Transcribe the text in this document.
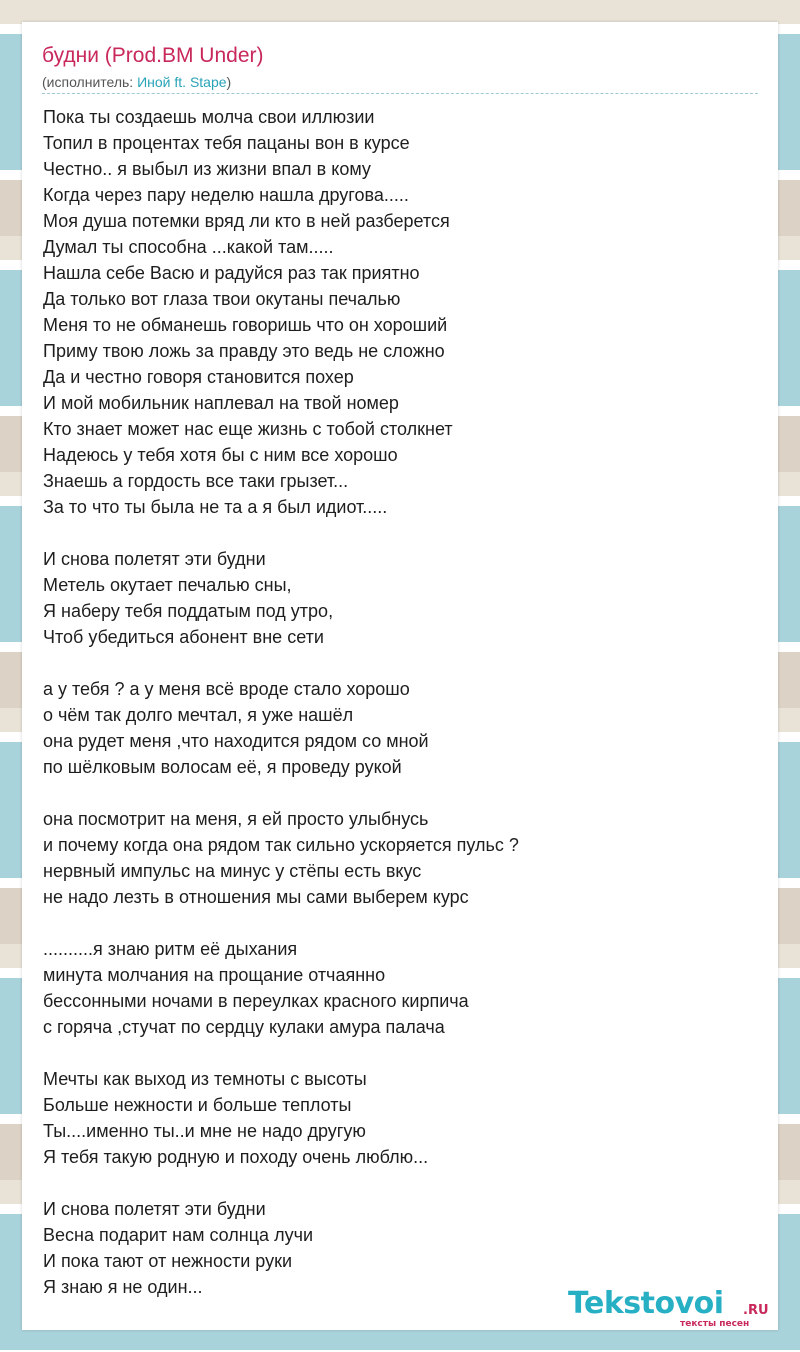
будни (Prod.BM Under)
(исполнитель: Иной ft. Stape)
Пока ты создаешь молча свои иллюзии
Топил в процентах тебя пацаны вон в курсе
Честно.. я выбыл из жизни впал в кому
Когда через пару неделю нашла другова.....
Моя душа потемки вряд ли кто в ней разберется
Думал ты способна ...какой там.....
Нашла себе Васю и радуйся раз так приятно
Да только вот глаза твои окутаны печалью
Меня то не обманешь говоришь что он хороший
Приму твою ложь за правду это ведь не сложно
Да и честно говоря становится похер
И мой мобильник наплевал на твой номер
Кто знает может нас еще жизнь с тобой столкнет
Надеюсь у тебя хотя бы с ним все хорошо
Знаешь а гордость все таки грызет...
За то что ты была не та а я был идиот.....
И снова полетят эти будни
Метель окутает печалью сны,
Я наберу тебя поддатым под утро,
Чтоб убедиться абонент вне сети
а у тебя ? а у меня всё вроде стало хорошо
о чём так долго мечтал, я уже нашёл
она рудет меня ,что находится рядом со мной
по шёлковым волосам её, я проведу рукой
она посмотрит на меня, я ей просто улыбнусь
и почему когда она рядом так сильно ускоряется пульс ?
нервный импульс на минус у стёпы есть вкус
не надо лезть в отношения мы сами выберем курс
..........я знаю ритм её дыхания
минута молчания на прощание отчаянно
бессонными ночами в переулках красного кирпича
с горяча ,стучат по сердцу кулаки амура палача
Мечты как выход из темноты с высоты
Больше нежности и больше теплоты
Ты....именно ты..и мне не надо другую
Я тебя такую родную и походу очень люблю...
И снова полетят эти будни
Весна подарит нам солнца лучи
И пока тают от нежности руки
Я знаю я не один...	Tekstovoi .RU
тексты песен
